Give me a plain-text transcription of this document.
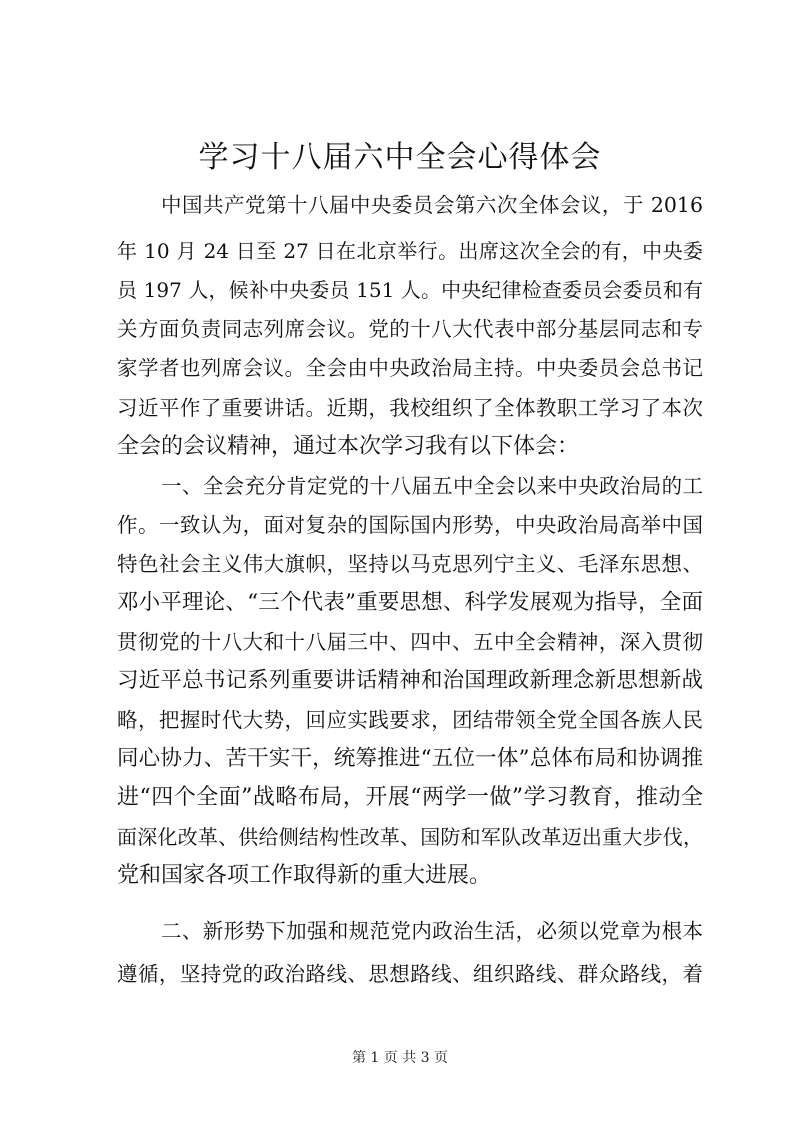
学习十八届六中全会心得体会

中国共产党第十八届中央委员会第六次全体会议，于 2016

年 10 月 24 日至 27 日在北京举行。出席这次全会的有，中央委

员 197 人，候补中央委员 151 人。中央纪律检查委员会委员和有

关方面负责同志列席会议。党的十八大代表中部分基层同志和专

家学者也列席会议。全会由中央政治局主持。中央委员会总书记

习近平作了重要讲话。近期，我校组织了全体教职工学习了本次

全会的会议精神，通过本次学习我有以下体会：

一、全会充分肯定党的十八届五中全会以来中央政治局的工

作。一致认为，面对复杂的国际国内形势，中央政治局高举中国

特色社会主义伟大旗帜，坚持以马克思列宁主义、毛泽东思想、

邓小平理论、“三个代表”重要思想、科学发展观为指导，全面

贯彻党的十八大和十八届三中、四中、五中全会精神，深入贯彻

习近平总书记系列重要讲话精神和治国理政新理念新思想新战

略，把握时代大势，回应实践要求，团结带领全党全国各族人民

同心协力、苦干实干，统筹推进“五位一体”总体布局和协调推

进“四个全面”战略布局，开展“两学一做”学习教育，推动全

面深化改革、供给侧结构性改革、国防和军队改革迈出重大步伐，

党和国家各项工作取得新的重大进展。

二、新形势下加强和规范党内政治生活，必须以党章为根本

遵循，坚持党的政治路线、思想路线、组织路线、群众路线，着

第 1 页 共 3 页
